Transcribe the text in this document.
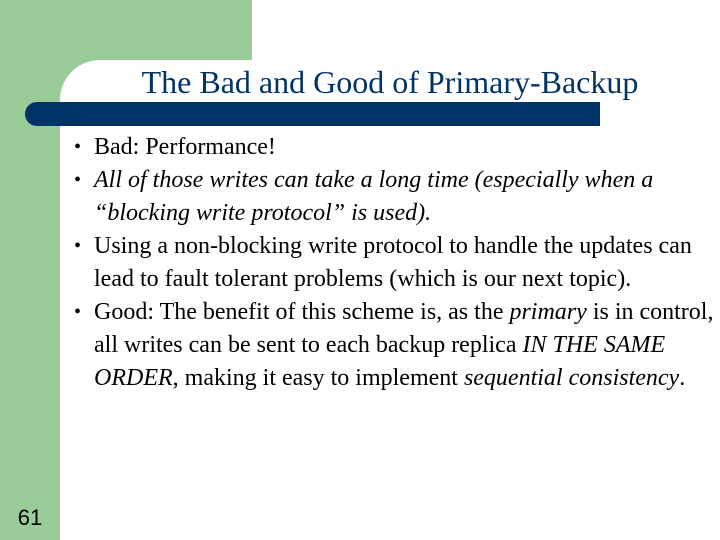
The Bad and Good of Primary-Backup
• Bad: Performance!
• All of those writes can take a long time (especially when a “blocking write protocol” is used).
• Using a non-blocking write protocol to handle the updates can lead to fault tolerant problems (which is our next topic).
• Good: The benefit of this scheme is, as the primary is in control, all writes can be sent to each backup replica IN THE SAME ORDER, making it easy to implement sequential consistency.
61
